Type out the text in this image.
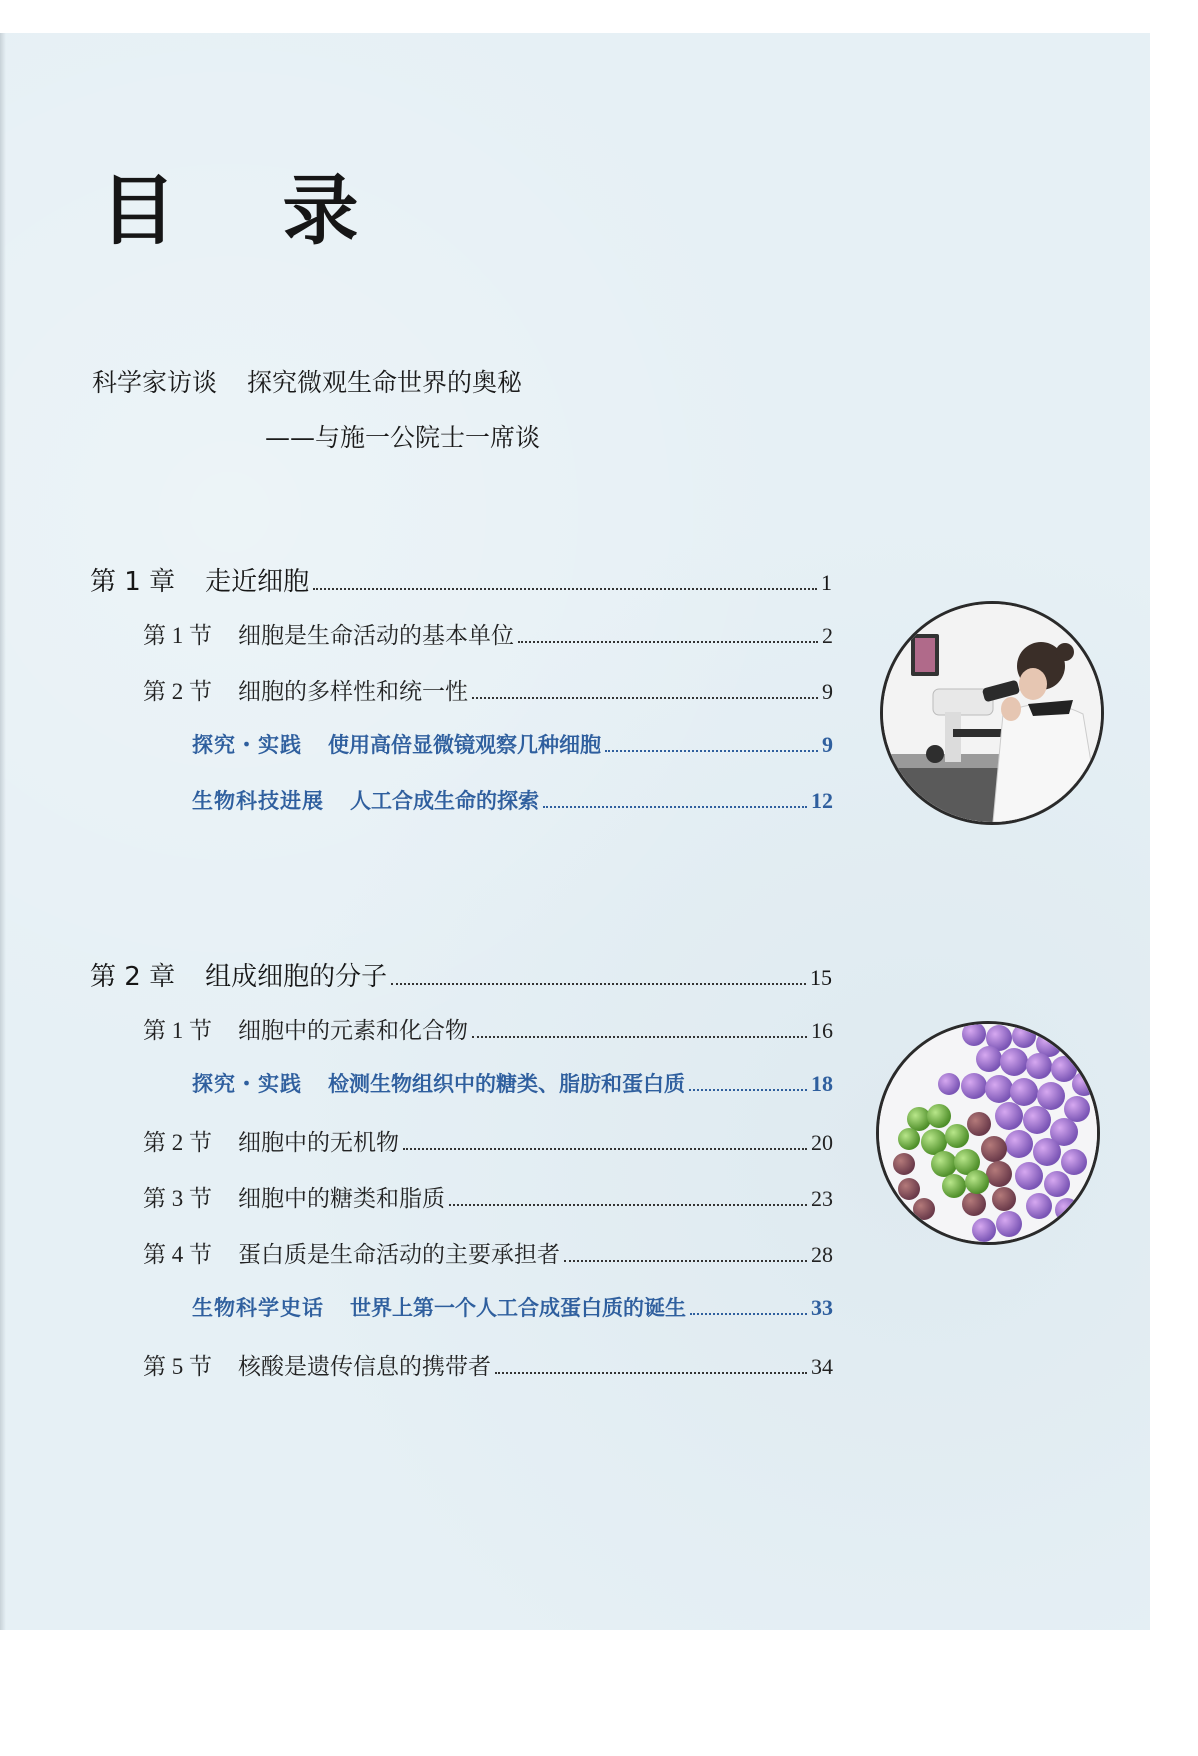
目 录
科学家访谈 探究微观生命世界的奥秘
——与施一公院士一席谈
第 1 章 走近细胞	1
第 1 节 细胞是生命活动的基本单位	2
第 2 节 细胞的多样性和统一性	9
探究・实践 使用高倍显微镜观察几种细胞	9
生物科技进展 人工合成生命的探索	12
第 2 章 组成细胞的分子	15
第 1 节 细胞中的元素和化合物	16
探究・实践 检测生物组织中的糖类、脂肪和蛋白质	18
第 2 节 细胞中的无机物	20
第 3 节 细胞中的糖类和脂质	23
第 4 节 蛋白质是生命活动的主要承担者	28
生物科学史话 世界上第一个人工合成蛋白质的诞生	33
第 5 节 核酸是遗传信息的携带者	34
